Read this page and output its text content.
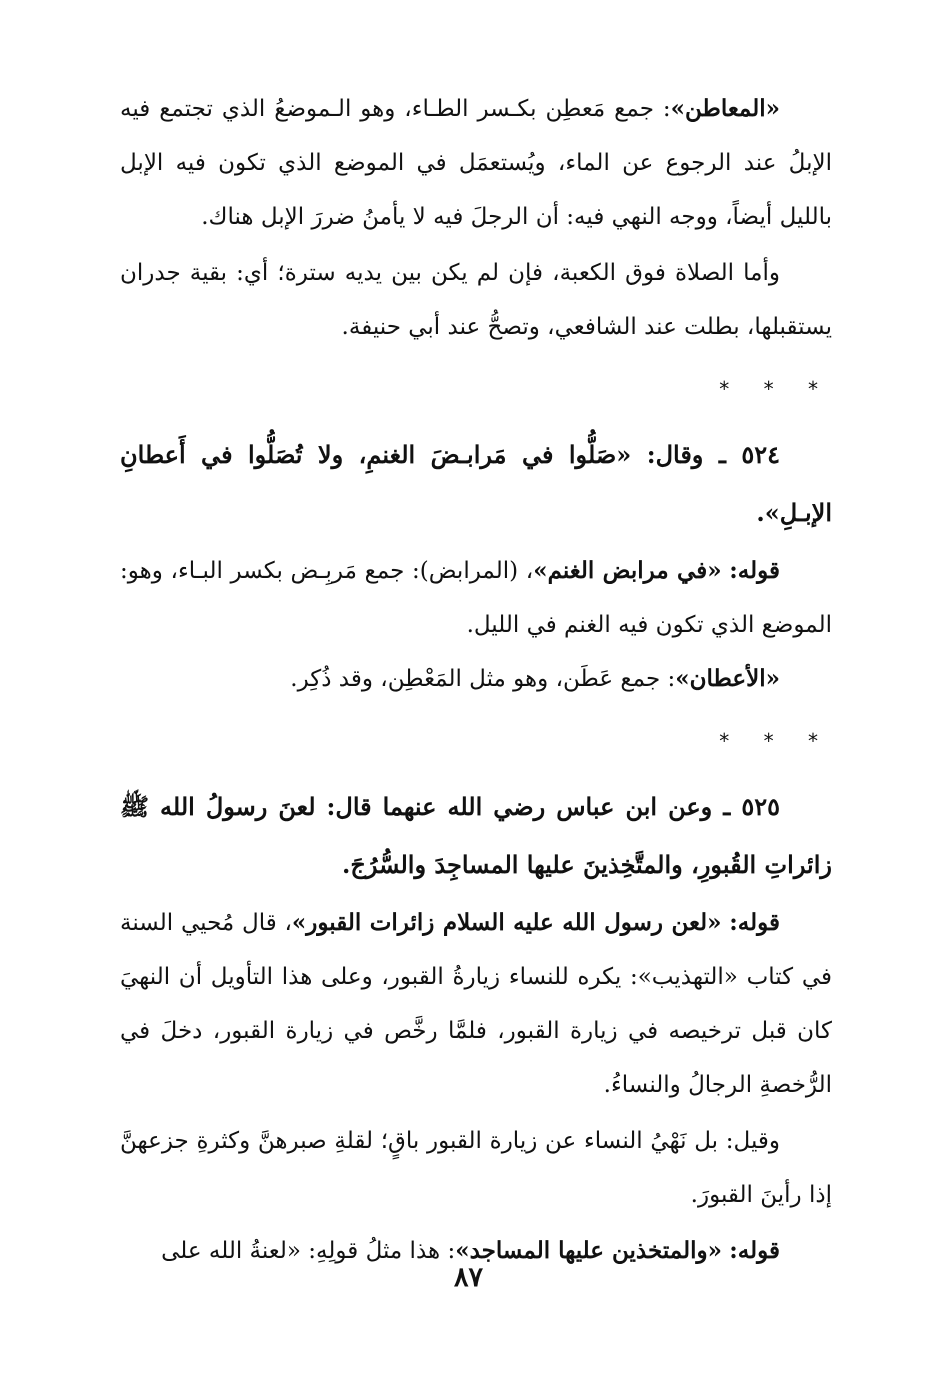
«المعاطن»: جمع مَعطِن بكـسر الطـاء، وهو الـموضعُ الذي تجتمع فيه الإبلُ عند الرجوع عن الماء، ويُستعمَل في الموضع الذي تكون فيه الإبل بالليل أيضاً، ووجه النهي فيه: أن الرجلَ فيه لا يأمنُ ضررَ الإبل هناك.

وأما الصلاة فوق الكعبة، فإن لم يكن بين يديه سترة؛ أي: بقية جدران يستقبلها، بطلت عند الشافعي، وتصحُّ عند أبي حنيفة.

* * *

٥٢٤ ـ وقال: «صَلُّوا في مَرابـضَ الغنمِ، ولا تُصَلُّوا في أَعطانِ الإبـلِ».

قوله: «في مرابض الغنم»، (المرابض): جمع مَربِـض بكسر البـاء، وهو: الموضع الذي تكون فيه الغنم في الليل.

«الأعطان»: جمع عَطَن، وهو مثل المَعْطِن، وقد ذُكِر.

* * *

٥٢٥ ـ وعن ابن عباس رضي الله عنهما قال: لعنَ رسولُ الله ﷺ زائراتِ القُبورِ، والمتَّخِذينَ عليها المساجِدَ والسُّرُجَ.

قوله: «لعن رسول الله عليه السلام زائرات القبور»، قال مُحيي السنة في كتاب «التهذيب»: يكره للنساء زيارةُ القبور، وعلى هذا التأويل أن النهيَ كان قبل ترخيصه في زيارة القبور، فلمَّا رخَّص في زيارة القبور، دخلَ في الرُّخصةِ الرجالُ والنساءُ.

وقيل: بل نَهْيُ النساء عن زيارة القبور باقٍ؛ لقلةِ صبرهنَّ وكثرةِ جزعهنَّ إذا رأينَ القبورَ.

قوله: «والمتخذين عليها المساجد»: هذا مثلُ قولِهِ: «لعنةُ الله على

٨٧
